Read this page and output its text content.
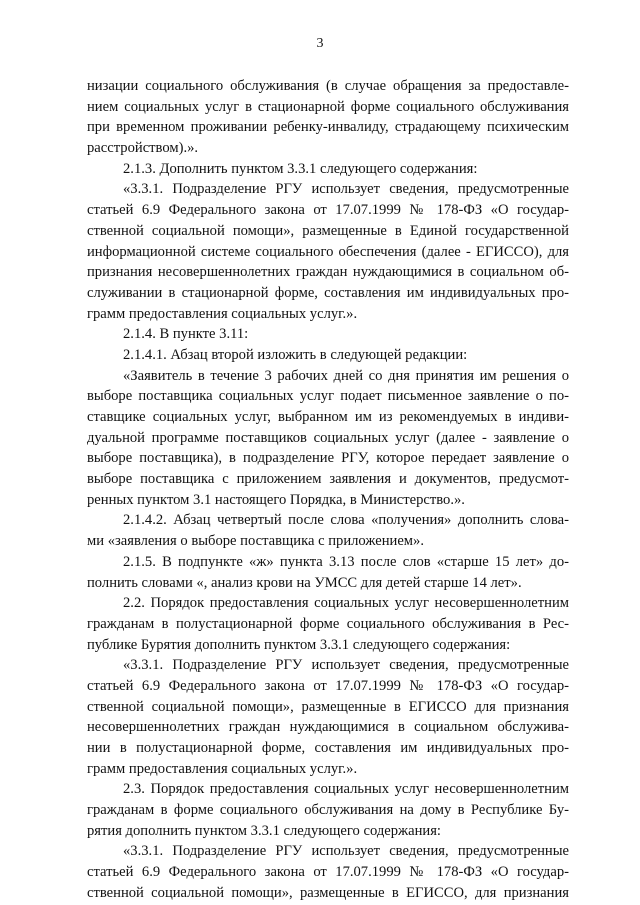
3
низации социального обслуживания (в случае обращения за предоставле-
нием социальных услуг в стационарной форме социального обслуживания
при временном проживании ребенку-инвалиду, страдающему психическим
расстройством).».
2.1.3. Дополнить пунктом 3.3.1 следующего содержания:
«3.3.1. Подразделение РГУ использует сведения, предусмотренные
статьей 6.9 Федерального закона от 17.07.1999 № 178-ФЗ «О государ-
ственной социальной помощи», размещенные в Единой государственной
информационной системе социального обеспечения (далее - ЕГИССО), для
признания несовершеннолетних граждан нуждающимися в социальном об-
служивании в стационарной форме, составления им индивидуальных про-
грамм предоставления социальных услуг.».
2.1.4. В пункте 3.11:
2.1.4.1. Абзац второй изложить в следующей редакции:
«Заявитель в течение 3 рабочих дней со дня принятия им решения о
выборе поставщика социальных услуг подает письменное заявление о по-
ставщике социальных услуг, выбранном им из рекомендуемых в индиви-
дуальной программе поставщиков социальных услуг (далее - заявление о
выборе поставщика), в подразделение РГУ, которое передает заявление о
выборе поставщика с приложением заявления и документов, предусмот-
ренных пунктом 3.1 настоящего Порядка, в Министерство.».
2.1.4.2. Абзац четвертый после слова «получения» дополнить слова-
ми «заявления о выборе поставщика с приложением».
2.1.5. В подпункте «ж» пункта 3.13 после слов «старше 15 лет» до-
полнить словами «, анализ крови на УМСС для детей старше 14 лет».
2.2. Порядок предоставления социальных услуг несовершеннолетним
гражданам в полустационарной форме социального обслуживания в Рес-
публике Бурятия дополнить пунктом 3.3.1 следующего содержания:
«3.3.1. Подразделение РГУ использует сведения, предусмотренные
статьей 6.9 Федерального закона от 17.07.1999 № 178-ФЗ «О государ-
ственной социальной помощи», размещенные в ЕГИССО для признания
несовершеннолетних граждан нуждающимися в социальном обслужива-
нии в полустационарной форме, составления им индивидуальных про-
грамм предоставления социальных услуг.».
2.3. Порядок предоставления социальных услуг несовершеннолетним
гражданам в форме социального обслуживания на дому в Республике Бу-
рятия дополнить пунктом 3.3.1 следующего содержания:
«3.3.1. Подразделение РГУ использует сведения, предусмотренные
статьей 6.9 Федерального закона от 17.07.1999 № 178-ФЗ «О государ-
ственной социальной помощи», размещенные в ЕГИССО, для признания
